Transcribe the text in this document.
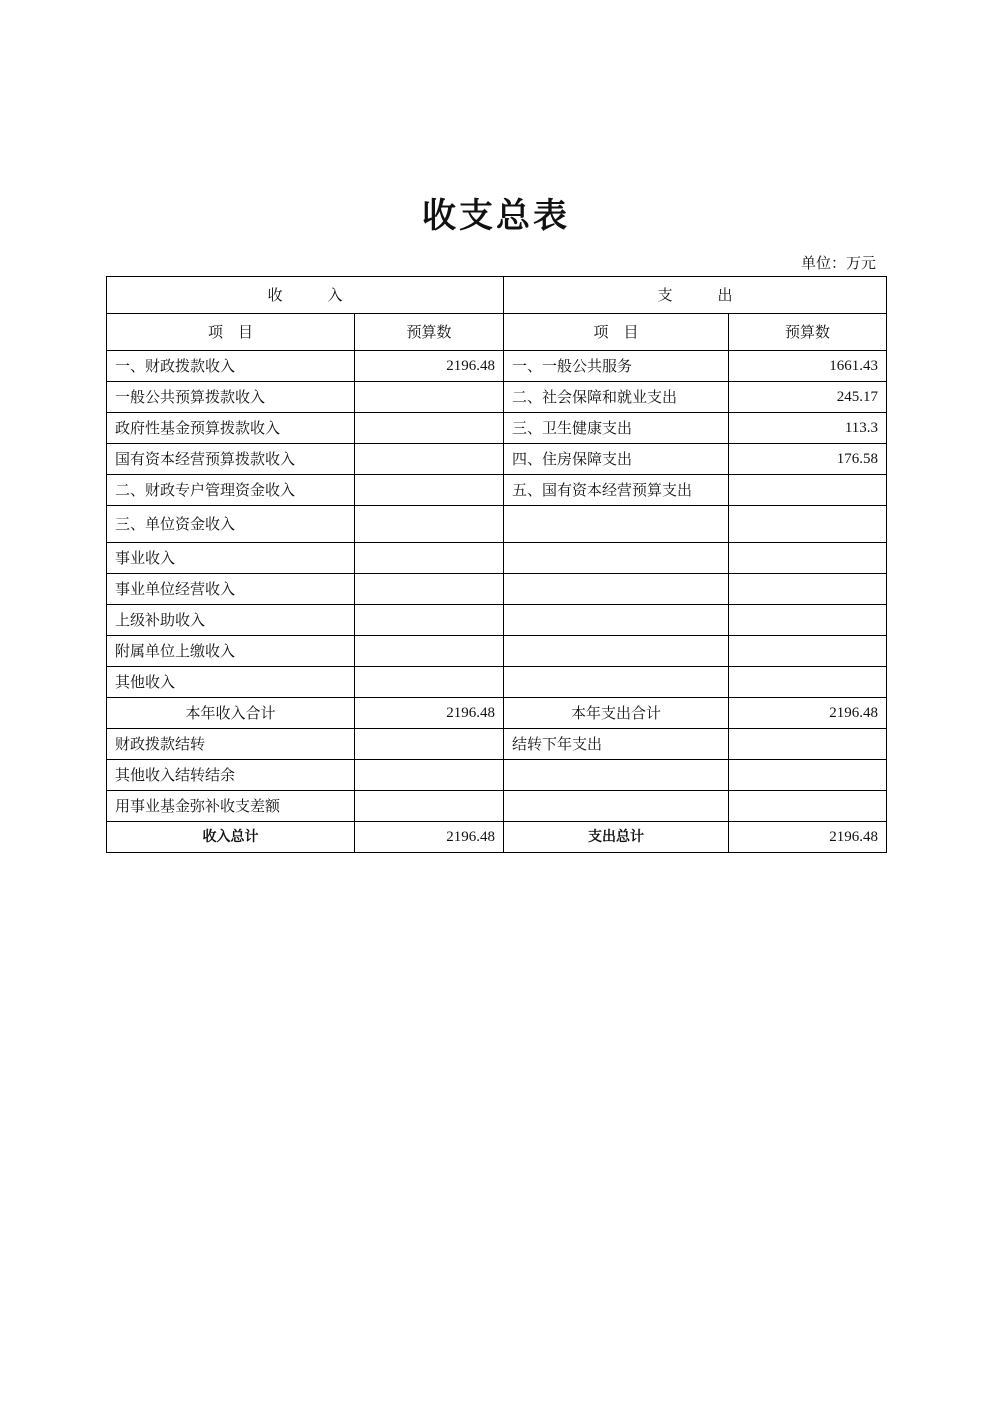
收支总表
单位：万元
收　　　入		支　　　出	
项　目	预算数	项　目	预算数
一、财政拨款收入	2196.48	一、一般公共服务	1661.43
一般公共预算拨款收入		二、社会保障和就业支出	245.17
政府性基金预算拨款收入		三、卫生健康支出	113.3
国有资本经营预算拨款收入		四、住房保障支出	176.58
二、财政专户管理资金收入		五、国有资本经营预算支出	
三、单位资金收入			
事业收入			
事业单位经营收入			
上级补助收入			
附属单位上缴收入			
其他收入			
本年收入合计	2196.48	本年支出合计	2196.48
财政拨款结转		结转下年支出	
其他收入结转结余			
用事业基金弥补收支差额			
收入总计	2196.48	支出总计	2196.48
